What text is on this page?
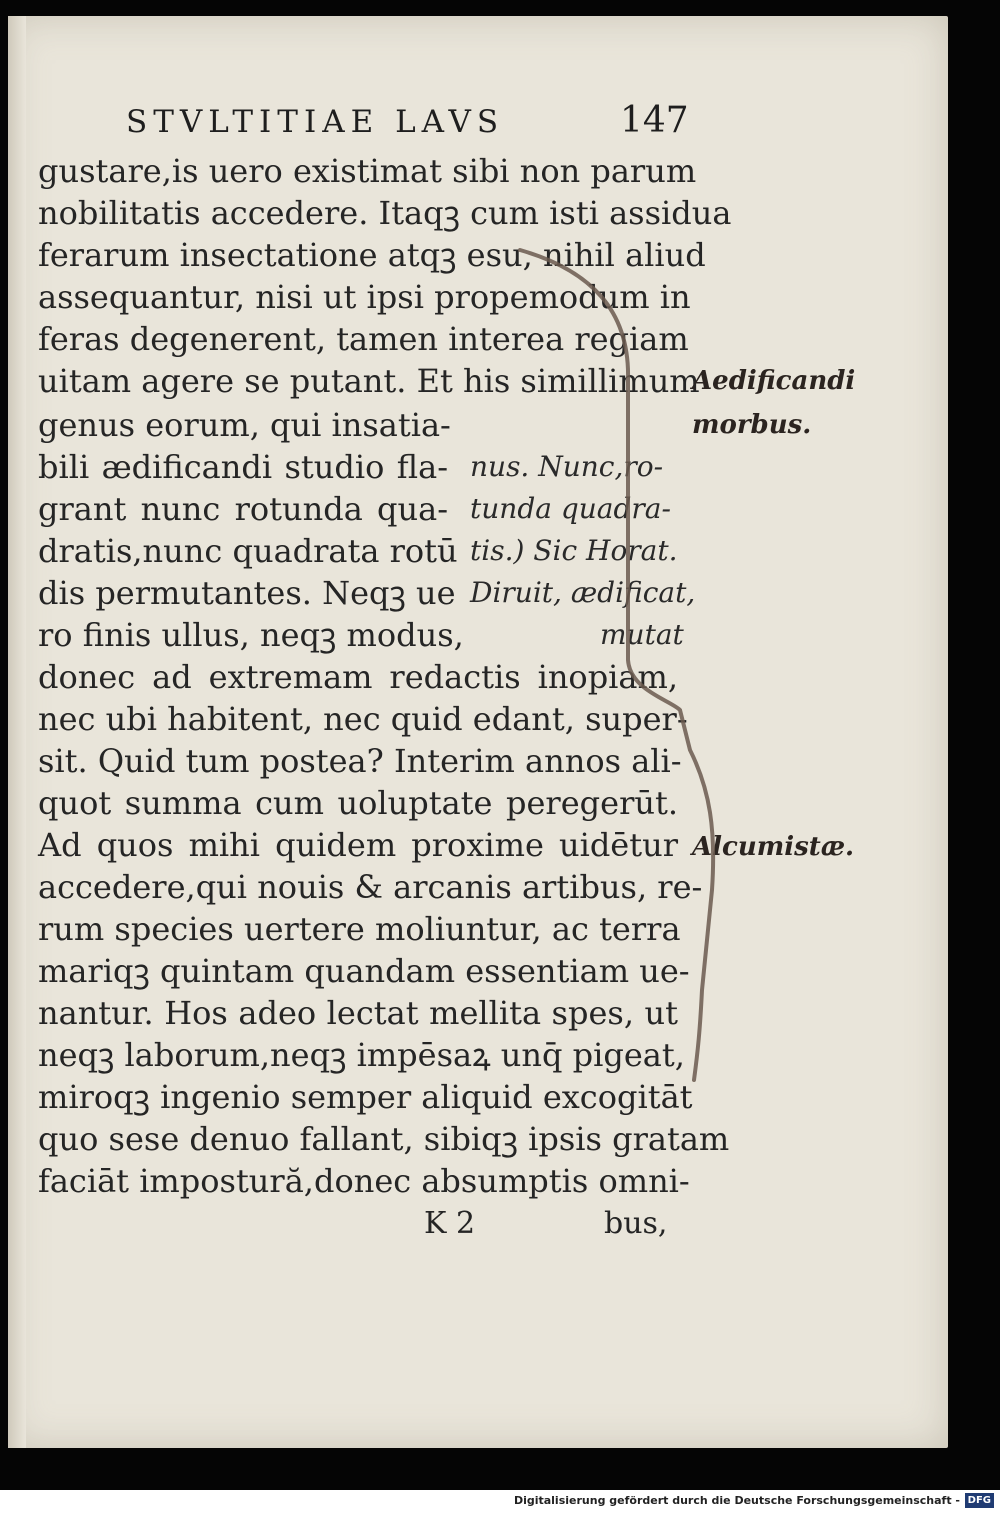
STVLTITIAE LAVS	147
gustare,is uero existimat sibi non parum
nobilitatis accedere. Itaqꝫ cum isti assidua
ferarum insectatione atqꝫ esu, nihil aliud
assequantur, nisi ut ipsi propemodum in
feras degenerent, tamen interea regiam
uitam agere se putant. Et his simillimum
genus eorum, qui insatia-
bili ædificandi studio fla- nus. Nunc,ro-
grant nunc rotunda qua- tunda quadra-
dratis,nunc quadrata rotū tis.) Sic Horat.
dis permutantes. Neqꝫ ue Diruit, ædificat,
ro finis ullus, neqꝫ modus,	mutat
donec ad extremam redactis inopiam,
nec ubi habitent, nec quid edant, super-
sit. Quid tum postea? Interim annos ali-
quot summa cum uoluptate peregerūt.
Ad quos mihi quidem proxime uidētur
accedere,qui nouis & arcanis artibus, re-
rum species uertere moliuntur, ac terra
mariqꝫ quintam quandam essentiam ue-
nantur. Hos adeo lectat mellita spes, ut
neqꝫ laborum,neqꝫ impēsaꝝ unq̄ pigeat,
miroqꝫ ingenio semper aliquid excogitāt
quo sese denuo fallant, sibiqꝫ ipsis gratam
faciāt impostură,donec absumptis omni-
Aedificandi
morbus.
Alcumistæ.
K 2	bus,
Digitalisierung gefördert durch die Deutsche Forschungsgemeinschaft - DFG
